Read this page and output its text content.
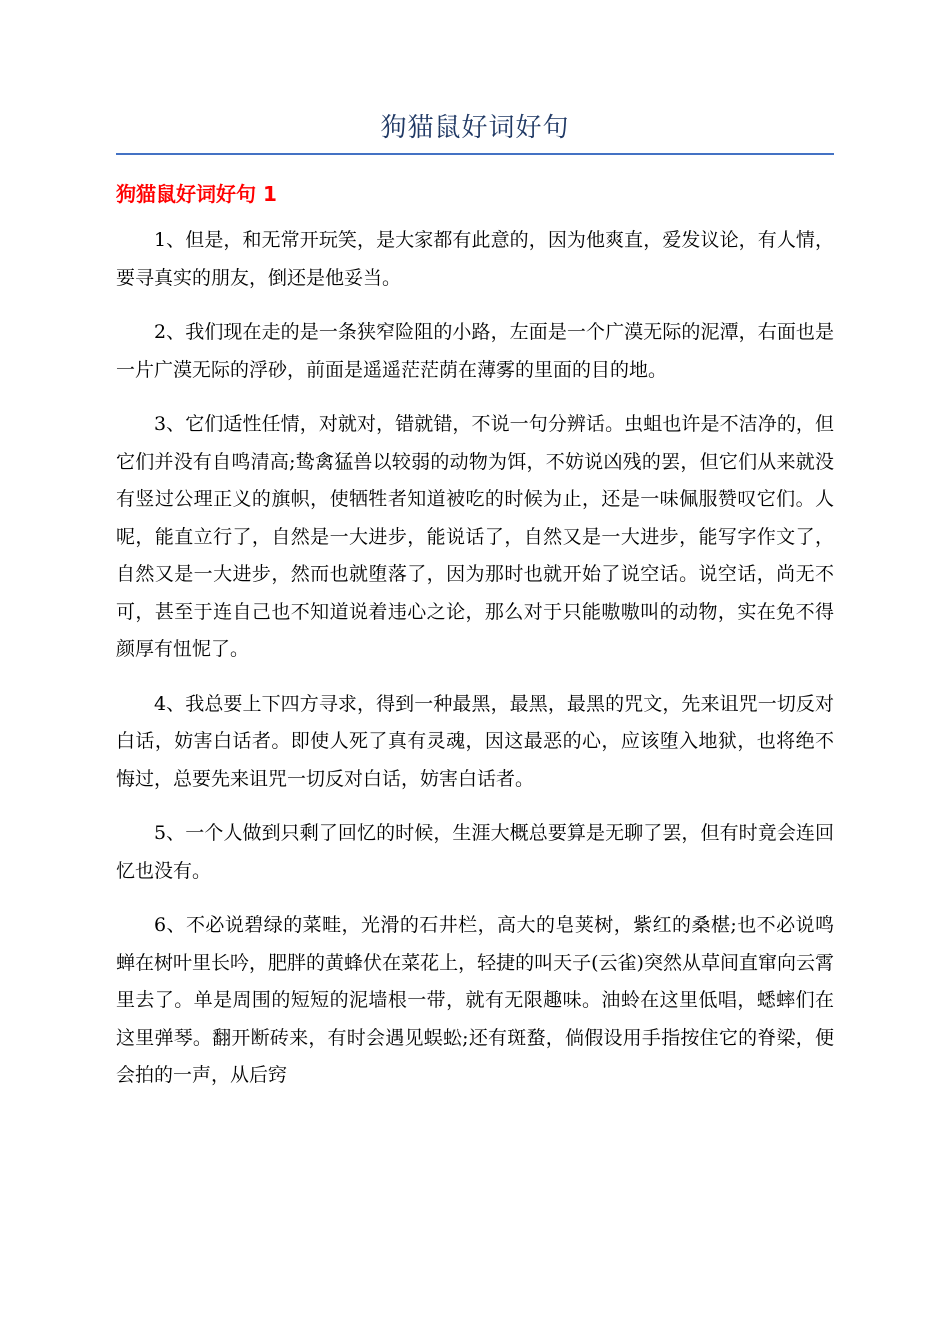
狗猫鼠好词好句
狗猫鼠好词好句 1

1、但是，和无常开玩笑，是大家都有此意的，因为他爽直，爱发议论，有人情，要寻真实的朋友，倒还是他妥当。

2、我们现在走的是一条狭窄险阻的小路，左面是一个广漠无际的泥潭，右面也是一片广漠无际的浮砂，前面是遥遥茫茫荫在薄雾的里面的目的地。

3、它们适性任情，对就对，错就错，不说一句分辨话。虫蛆也许是不洁净的，但它们并没有自鸣清高;鸷禽猛兽以较弱的动物为饵，不妨说凶残的罢，但它们从来就没有竖过公理正义的旗帜，使牺牲者知道被吃的时候为止，还是一味佩服赞叹它们。人呢，能直立行了，自然是一大进步，能说话了，自然又是一大进步，能写字作文了，自然又是一大进步，然而也就堕落了，因为那时也就开始了说空话。说空话，尚无不可，甚至于连自己也不知道说着违心之论，那么对于只能嗷嗷叫的动物，实在免不得颜厚有忸怩了。

4、我总要上下四方寻求，得到一种最黑，最黑，最黑的咒文，先来诅咒一切反对白话，妨害白话者。即使人死了真有灵魂，因这最恶的心，应该堕入地狱，也将绝不悔过，总要先来诅咒一切反对白话，妨害白话者。

5、一个人做到只剩了回忆的时候，生涯大概总要算是无聊了罢，但有时竟会连回忆也没有。

6、不必说碧绿的菜畦，光滑的石井栏，高大的皂荚树，紫红的桑椹;也不必说鸣蝉在树叶里长吟，肥胖的黄蜂伏在菜花上，轻捷的叫天子(云雀)突然从草间直窜向云霄里去了。单是周围的短短的泥墙根一带，就有无限趣味。油蛉在这里低唱，蟋蟀们在这里弹琴。翻开断砖来，有时会遇见蜈蚣;还有斑蝥，倘假设用手指按住它的脊梁，便会拍的一声，从后窍
